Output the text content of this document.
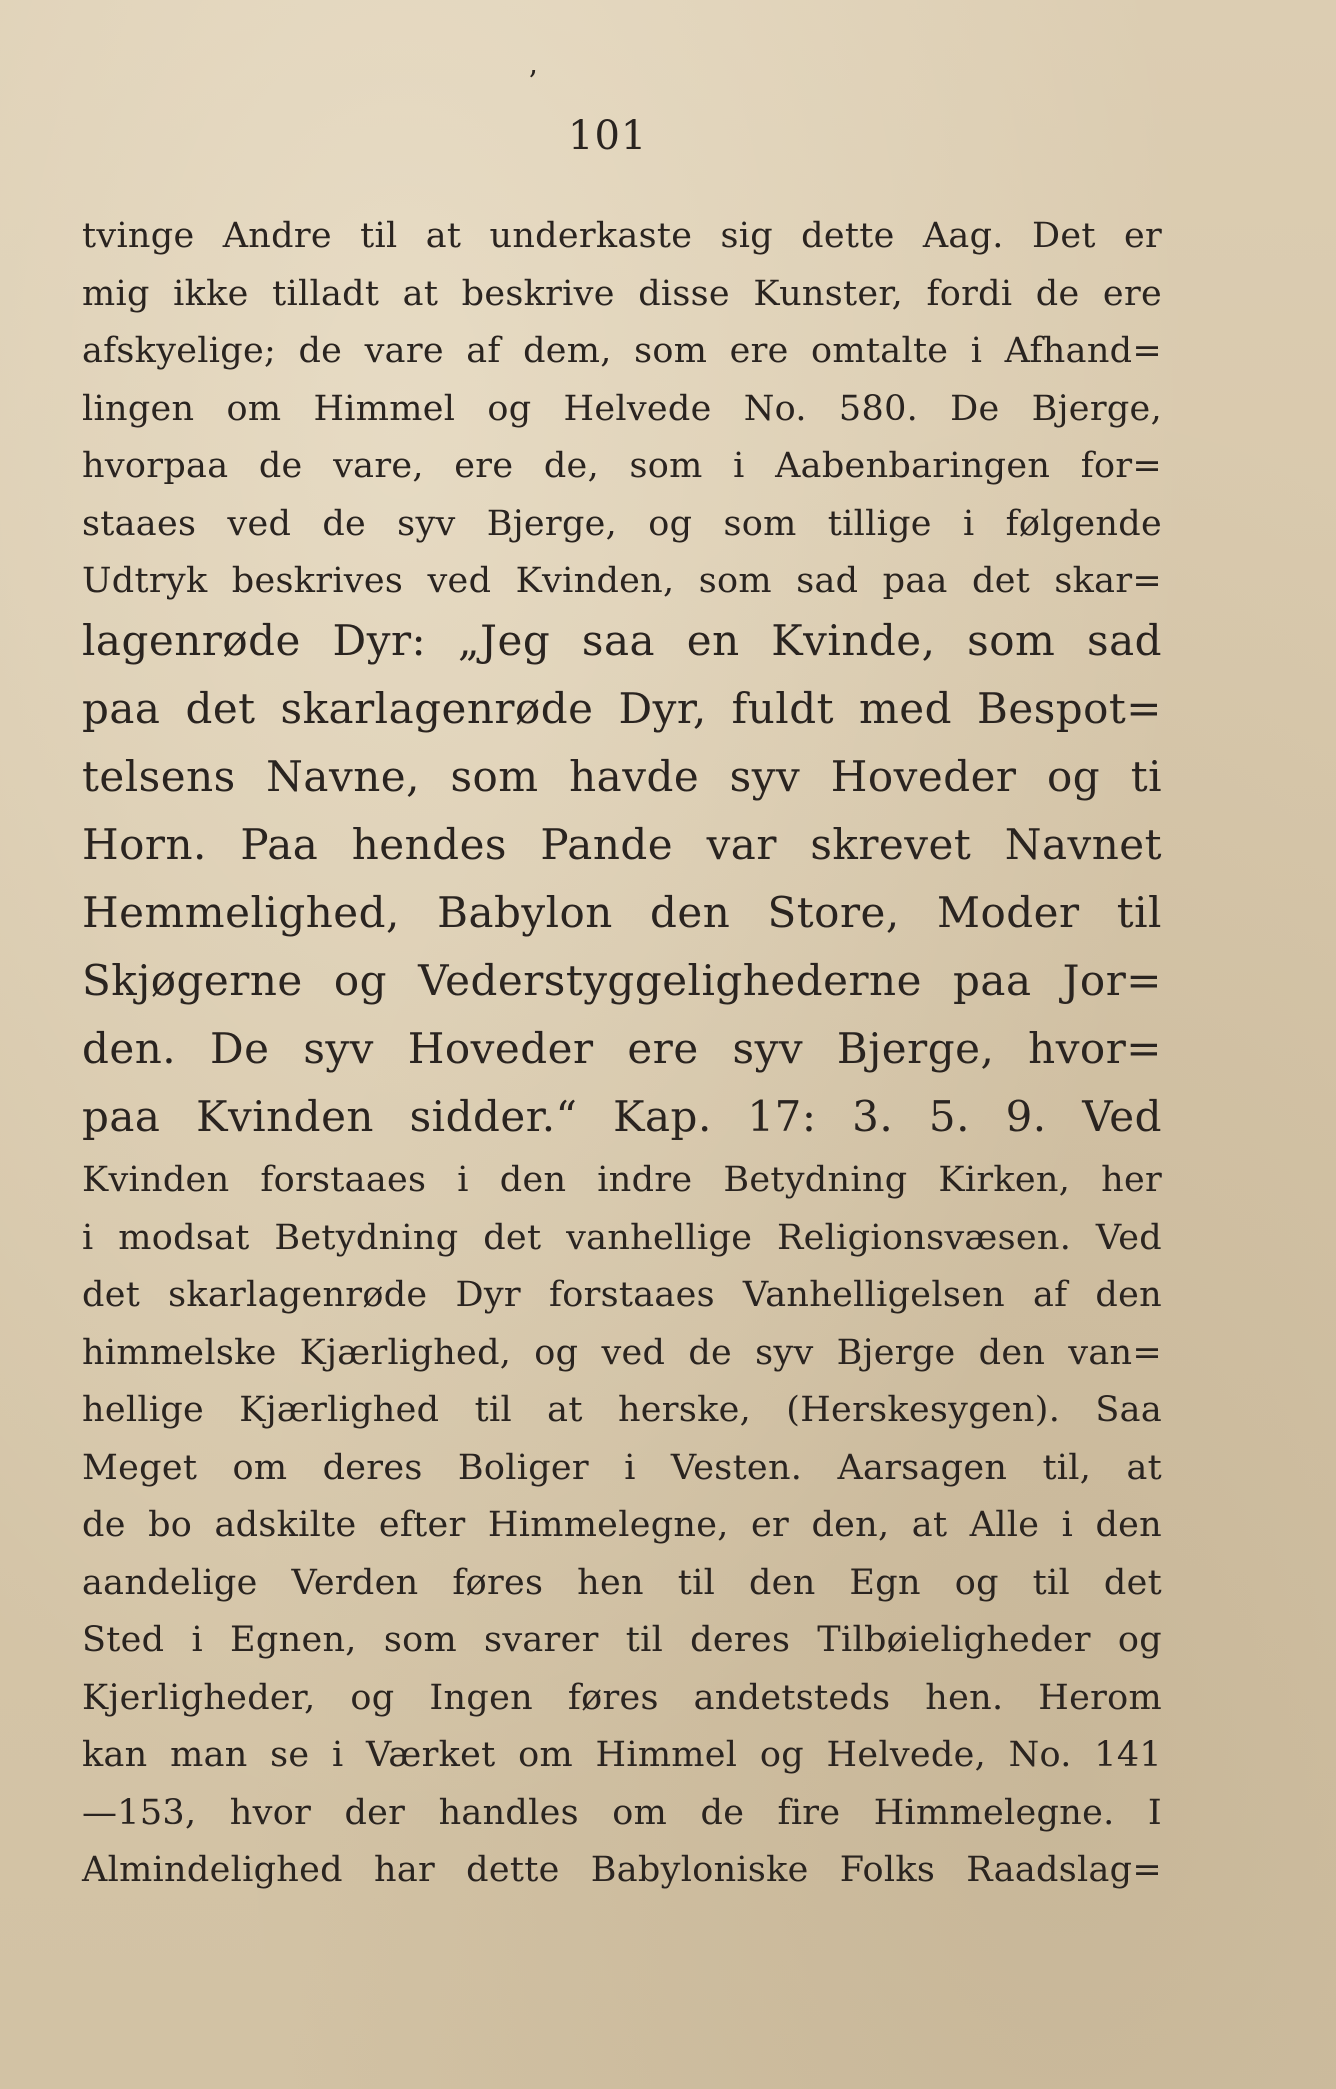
’
101
tvinge Andre til at underkaste sig dette Aag. Det er
mig ikke tilladt at beskrive disse Kunster, fordi de ere
afskyelige; de vare af dem, som ere omtalte i Afhand=
lingen om Himmel og Helvede No. 580. De Bjerge,
hvorpaa de vare, ere de, som i Aabenbaringen for=
staaes ved de syv Bjerge, og som tillige i følgende
Udtryk beskrives ved Kvinden, som sad paa det skar=
lagenrøde Dyr: „Jeg saa en Kvinde, som sad
paa det skarlagenrøde Dyr, fuldt med Bespot=
telsens Navne, som havde syv Hoveder og ti
Horn. Paa hendes Pande var skrevet Navnet
Hemmelighed, Babylon den Store, Moder til
Skjøgerne og Vederstyggelighederne paa Jor=
den. De syv Hoveder ere syv Bjerge, hvor=
paa Kvinden sidder.“ Kap. 17: 3. 5. 9. Ved
Kvinden forstaaes i den indre Betydning Kirken, her
i modsat Betydning det vanhellige Religionsvæsen. Ved
det skarlagenrøde Dyr forstaaes Vanhelligelsen af den
himmelske Kjærlighed, og ved de syv Bjerge den van=
hellige Kjærlighed til at herske, (Herskesygen). Saa
Meget om deres Boliger i Vesten. Aarsagen til, at
de bo adskilte efter Himmelegne, er den, at Alle i den
aandelige Verden føres hen til den Egn og til det
Sted i Egnen, som svarer til deres Tilbøieligheder og
Kjerligheder, og Ingen føres andetsteds hen. Herom
kan man se i Værket om Himmel og Helvede, No. 141
—153, hvor der handles om de fire Himmelegne. I
Almindelighed har dette Babyloniske Folks Raadslag=
